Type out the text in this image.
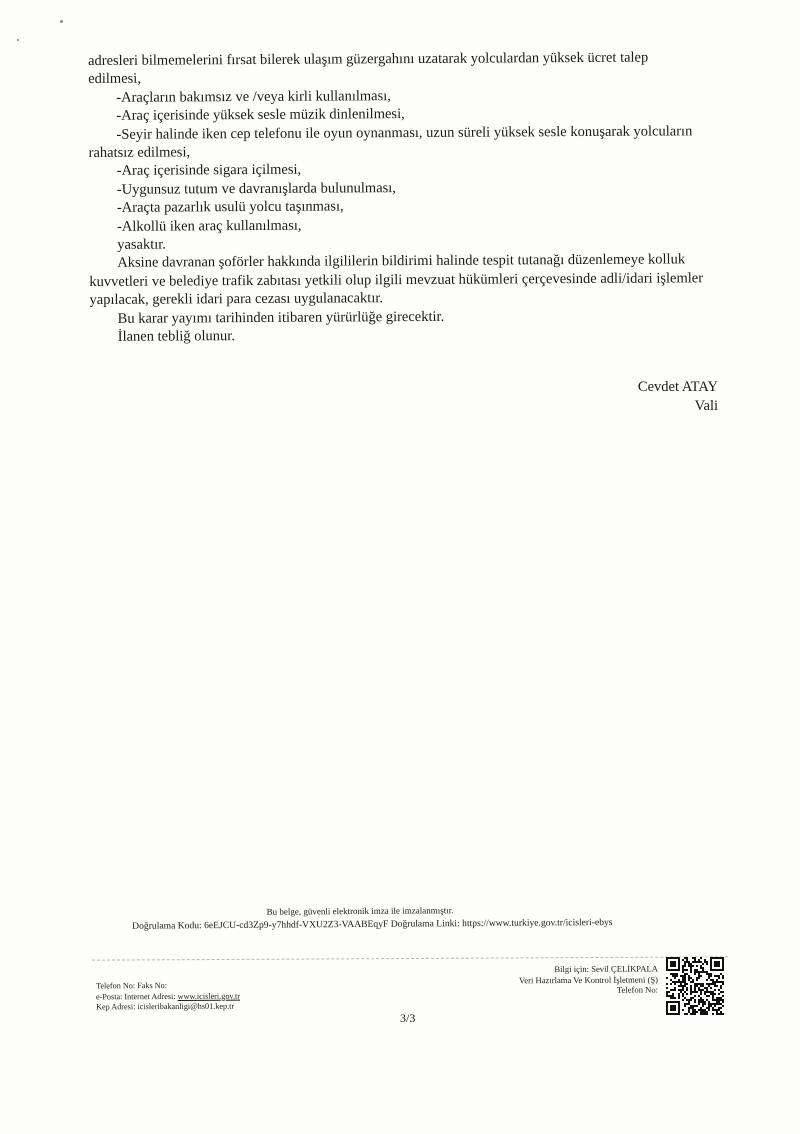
adresleri bilmemelerini fırsat bilerek ulaşım güzergahını uzatarak yolculardan yüksek ücret talep

edilmesi,

-Araçların bakımsız ve /veya kirli kullanılması,

-Araç içerisinde yüksek sesle müzik dinlenilmesi,

-Seyir halinde iken cep telefonu ile oyun oynanması, uzun süreli yüksek sesle konuşarak yolcuların

rahatsız edilmesi,

-Araç içerisinde sigara içilmesi,

-Uygunsuz tutum ve davranışlarda bulunulması,

-Araçta pazarlık usulü yolcu taşınması,

-Alkollü iken araç kullanılması,

yasaktır.

Aksine davranan şoförler hakkında ilgililerin bildirimi halinde tespit tutanağı düzenlemeye kolluk

kuvvetleri ve belediye trafik zabıtası yetkili olup ilgili mevzuat hükümleri çerçevesinde adli/idari işlemler

yapılacak, gerekli idari para cezası uygulanacaktır.

Bu karar yayımı tarihinden itibaren yürürlüğe girecektir.

İlanen tebliğ olunur.

Cevdet ATAY
Vali
Bu belge, güvenli elektronik imza ile imzalanmıştır.
Doğrulama Kodu: 6eEJCU-cd3Zp9-y7hhdf-VXU2Z3-VAABEqyF Doğrulama Linki: https://www.turkiye.gov.tr/icisleri-ebys
Telefon No: Faks No:
e-Posta: Internet Adresi: www.icisleri.gov.tr
Kep Adresi: icisleribakanligi@hs01.kep.tr
Bilgi için: Sevil ÇELİKPALA
Veri Hazırlama Ve Kontrol İşletmeni (Ş)
Telefon No:
3/3
